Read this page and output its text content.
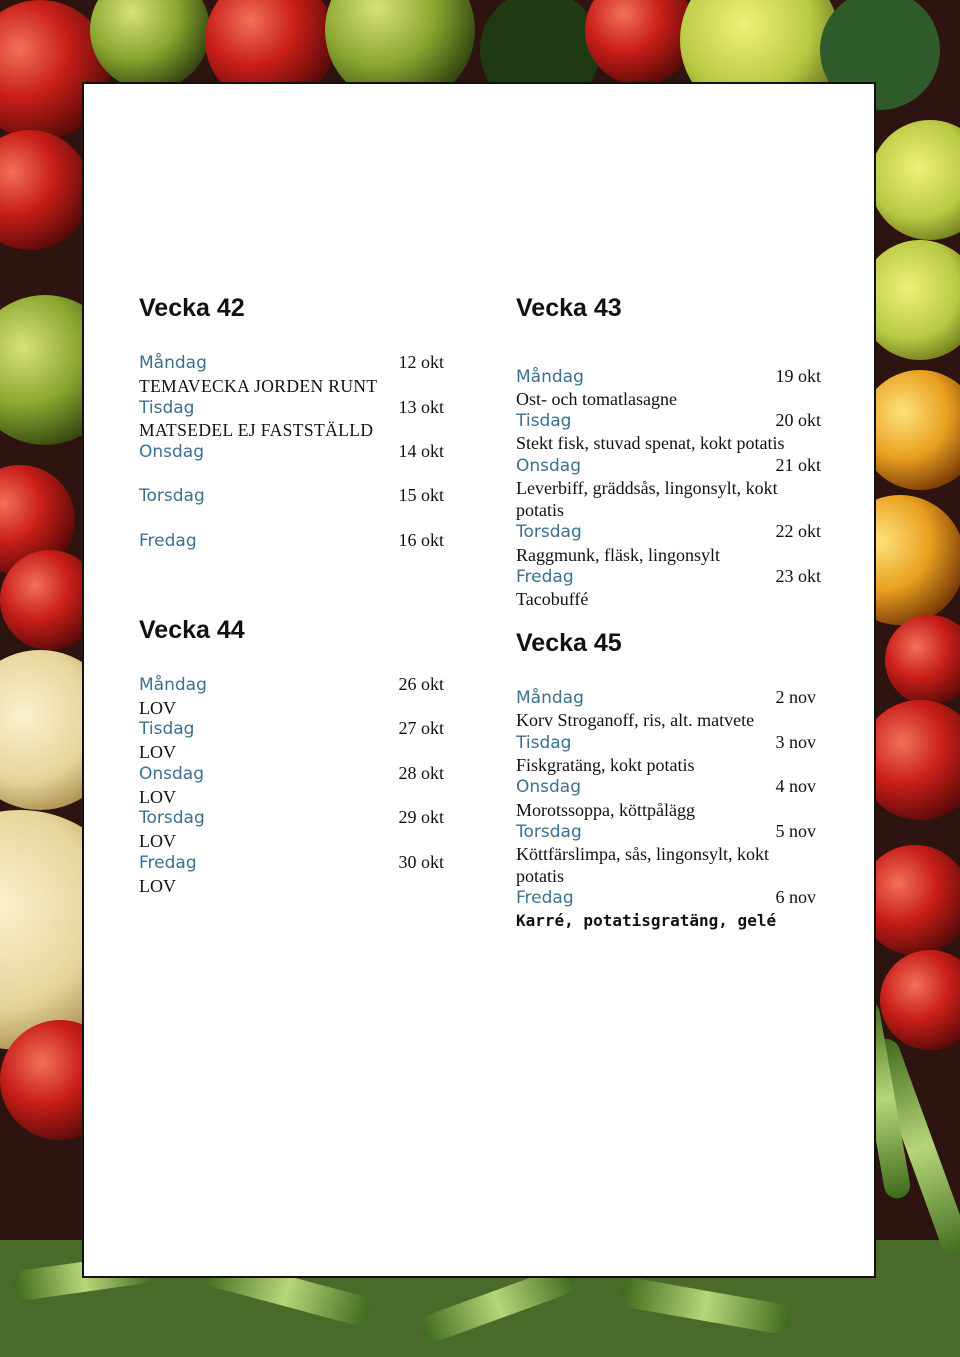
Vecka 42
Måndag	12 okt
TEMAVECKA JORDEN RUNT
Tisdag	13 okt
MATSEDEL EJ FASTSTÄLLD
Onsdag	14 okt
Torsdag	15 okt
Fredag	16 okt
Vecka 44
Måndag	26 okt
LOV
Tisdag	27 okt
LOV
Onsdag	28 okt
LOV
Torsdag	29 okt
LOV
Fredag	30 okt
LOV
Vecka 43
Måndag	19 okt
Ost- och tomatlasagne
Tisdag	20 okt
Stekt fisk, stuvad spenat, kokt potatis
Onsdag	21 okt
Leverbiff, gräddsås, lingonsylt, kokt potatis
Torsdag	22 okt
Raggmunk, fläsk, lingonsylt
Fredag	23 okt
Tacobuffé
Vecka 45
Måndag	2 nov
Korv Stroganoff, ris, alt. matvete
Tisdag	3 nov
Fiskgratäng, kokt potatis
Onsdag	4 nov
Morotssoppa, köttpålägg
Torsdag	5 nov
Köttfärslimpa, sås, lingonsylt, kokt potatis
Fredag	6 nov
Karré, potatisgratäng, gelé
